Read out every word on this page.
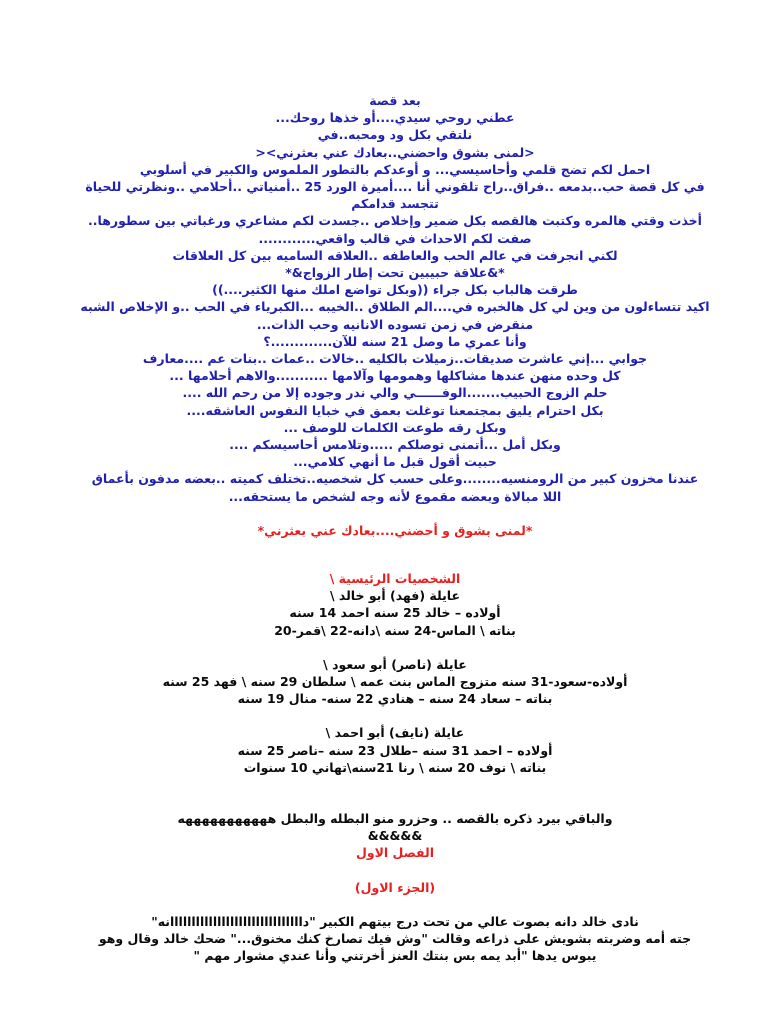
بعد قصة
عطني روحي سيدي....أو خذها روحك...
نلتقي بكل ود ومحبه..في
<لمنى بشوق واحضني..بعادك عني بعثرني><
احمل لكم تضج قلمي وأحاسيسي... و أوعدكم بالتطور الملموس والكبير في أسلوبي
في كل قصة حب..بدمعه ..فراق..راح تلقوني أنا ....أميرة الورد 25 ..أمنياتي ..أحلامي ..ونظرتي للحياة
تتجسد قدامكم
أخذت وقتي هالمره وكتبت هالقصه بكل ضمير وإخلاص ..جسدت لكم مشاعري ورغباتي بين سطورها..
صفت لكم الاحداث في قالب واقعي............
لكني انجرفت في عالم الحب والعاطفه ..العلاقه الساميه بين كل العلاقات
*&علاقة حبيبين تحت إطار الزواج&*
طرقت هالباب بكل جراء ((وبكل تواضع املك منها الكثير....))
اكيد تتساءلون من وين لي كل هالخبره في....الم الطلاق ..الخيبه ...الكبرياء في الحب ..و الإخلاص الشبه
منقرض في زمن تسوده الانانيه وحب الذات...
وأنا عمري ما وصل 21 سنه للآن.............؟
جوابي ...إني عاشرت صديقات..زميلات بالكليه ..خالات ..عمات ..بنات عم ....معارف
كل وحده منهن عندها مشاكلها وهمومها وآلامها ...........والاهم أحلامها ...
حلم الزوج الحبيب.......الوفــــــي والي ندر وجوده إلا من رحم الله ....
بكل احترام يليق بمجتمعنا توغلت بعمق في خبايا النفوس العاشقه....
وبكل رقه طوعت الكلمات للوصف ...
وبكل أمل ...أتمنى توصلكم .....وتلامس أحاسيسكم ....
حبيت أقول قبل ما أنهي كلامي...
عندنا مخزون كبير من الرومنسيه........وعلى حسب كل شخصيه..تختلف كميته ..بعضه مدفون بأعماق
اللا مبالاة وبعضه مقموع لأنه وجه لشخص ما يستحقه...
*لمنى بشوق و أحضني....بعادك عني بعثرني*
الشخصيات الرئيسية \
عايلة (فهد) أبو خالد \
أولاده – خالد 25 سنه احمد 14 سنه
بناته \ الماس-24 سنه \دانه-22 \قمر-20
عايلة (ناصر) أبو سعود \
أولاده-سعود-31 سنه متزوج الماس بنت عمه \ سلطان 29 سنه \ فهد 25 سنه
بناته – سعاد 24 سنه – هنادي 22 سنه- منال 19 سنه
عايلة (نايف) أبو احمد \
أولاده – احمد 31 سنه –طلال 23 سنه –ناصر 25 سنه
بناته \ نوف 20 سنه \ رنا 21سنه\تهاني 10 سنوات
والباقي بيرد ذكره بالقصه .. وحزرو منو البطله والبطل هههههههههههه
&&&&&
الفصل الاول
(الجزء الاول)
نادى خالد دانه بصوت عالي من تحت درج بيتهم الكبير "دااااااااااااااااااااااااااااااانه"
جته أمه وضربته بشويش على ذراعه وقالت "وش فيك تصارخ كنك مخنوق..." ضحك خالد وقال وهو
يبوس يدها "أبد يمه بس بنتك العنز أخرتني وأنا عندي مشوار مهم "
